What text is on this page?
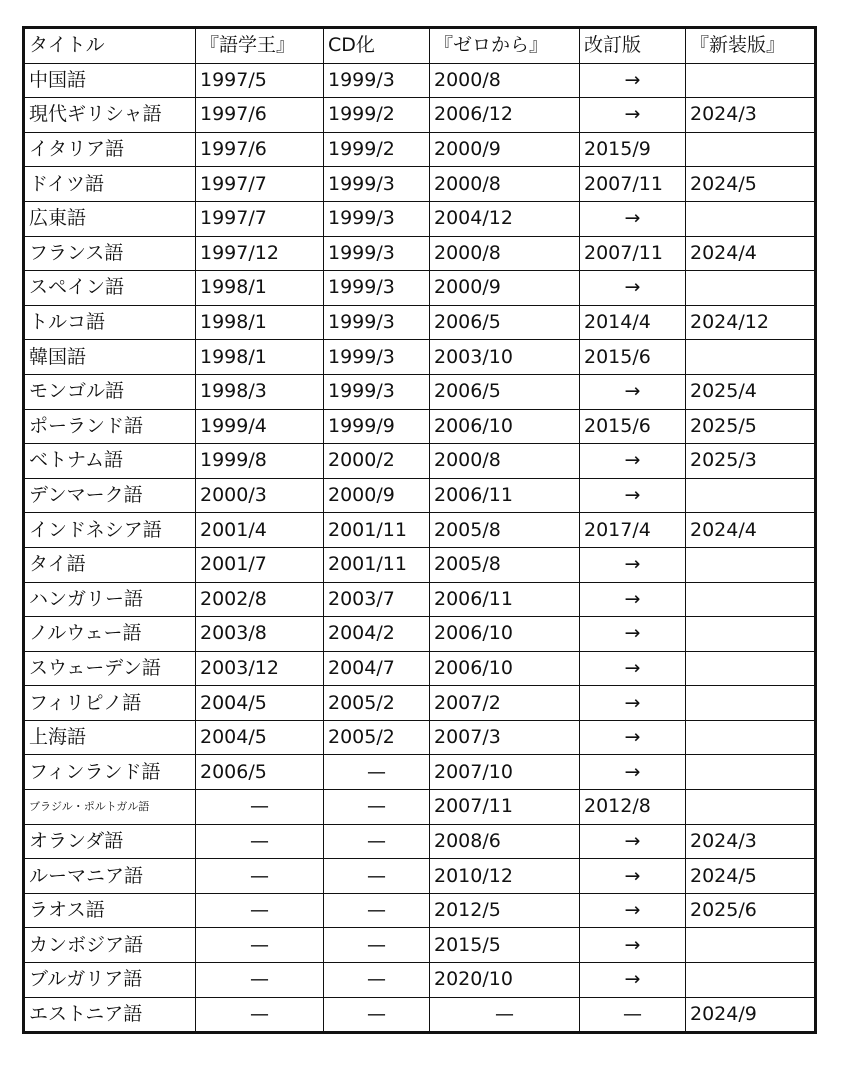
タイトル	『語学王』	CD化	『ゼロから』	改訂版	『新装版』
中国語	1997/5	1999/3	2000/8	→	
現代ギリシャ語	1997/6	1999/2	2006/12	→	2024/3
イタリア語	1997/6	1999/2	2000/9	2015/9	
ドイツ語	1997/7	1999/3	2000/8	2007/11	2024/5
広東語	1997/7	1999/3	2004/12	→	
フランス語	1997/12	1999/3	2000/8	2007/11	2024/4
スペイン語	1998/1	1999/3	2000/9	→	
トルコ語	1998/1	1999/3	2006/5	2014/4	2024/12
韓国語	1998/1	1999/3	2003/10	2015/6	
モンゴル語	1998/3	1999/3	2006/5	→	2025/4
ポーランド語	1999/4	1999/9	2006/10	2015/6	2025/5
ベトナム語	1999/8	2000/2	2000/8	→	2025/3
デンマーク語	2000/3	2000/9	2006/11	→	
インドネシア語	2001/4	2001/11	2005/8	2017/4	2024/4
タイ語	2001/7	2001/11	2005/8	→	
ハンガリー語	2002/8	2003/7	2006/11	→	
ノルウェー語	2003/8	2004/2	2006/10	→	
スウェーデン語	2003/12	2004/7	2006/10	→	
フィリピノ語	2004/5	2005/2	2007/2	→	
上海語	2004/5	2005/2	2007/3	→	
フィンランド語	2006/5	—	2007/10	→	
ブラジル・ポルトガル語	—	—	2007/11	2012/8	
オランダ語	—	—	2008/6	→	2024/3
ルーマニア語	—	—	2010/12	→	2024/5
ラオス語	—	—	2012/5	→	2025/6
カンボジア語	—	—	2015/5	→	
ブルガリア語	—	—	2020/10	→	
エストニア語	—	—	—	—	2024/9
